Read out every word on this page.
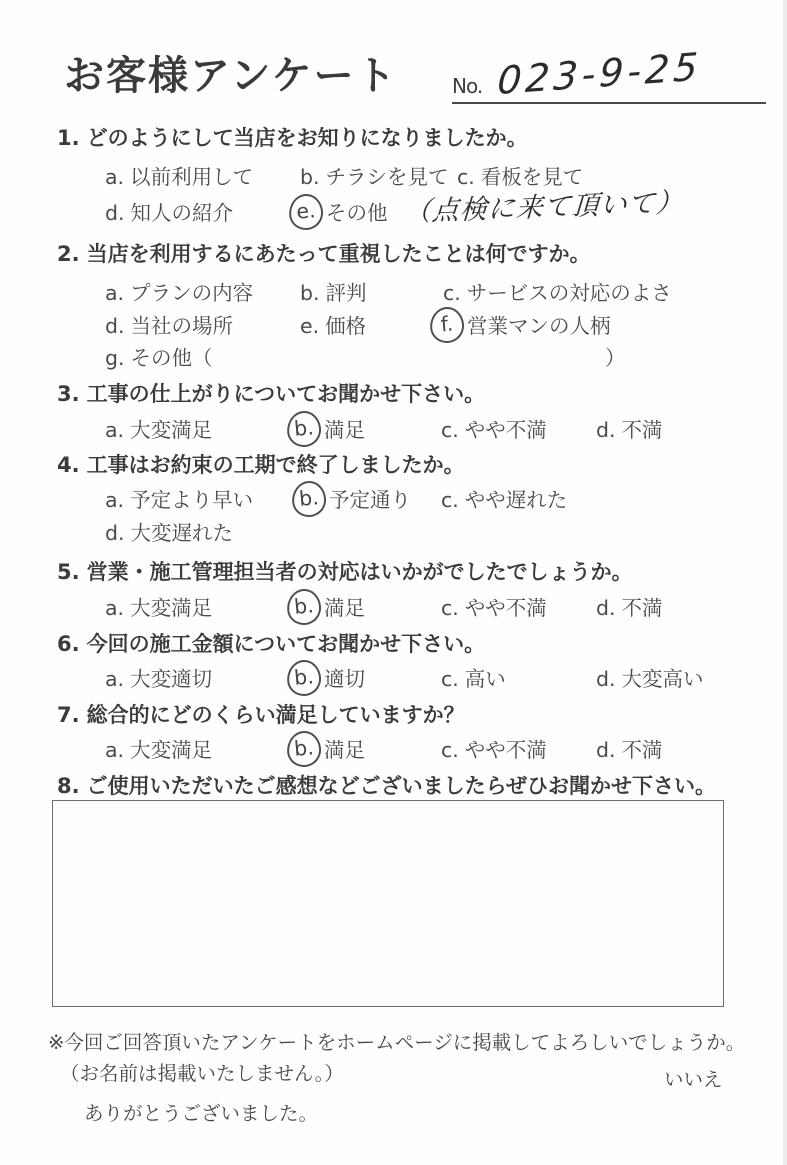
お客様アンケート	No. 023-9-25
1. どのようにして当店をお知りになりましたか。
a. 以前利用して b. チラシを見て c. 看板を見て
d. 知人の紹介	e. その他 （点検に来て頂いて）
2. 当店を利用するにあたって重視したことは何ですか。
a. プランの内容 b. 評判	c. サービスの対応のよさ
d. 当社の場所	e. 価格	f. 営業マンの人柄
g. その他（	）
3. 工事の仕上がりについてお聞かせ下さい。
a. 大変満足	b. 満足	c. やや不満 d. 不満
4. 工事はお約束の工期で終了しましたか。
a. 予定より早い b. 予定通り c. やや遅れた
d. 大変遅れた
5. 営業・施工管理担当者の対応はいかがでしたでしょうか。
a. 大変満足	b. 満足	c. やや不満 d. 不満
6. 今回の施工金額についてお聞かせ下さい。
a. 大変適切	b. 適切	c. 高い	d. 大変高い
7. 総合的にどのくらい満足していますか？
a. 大変満足	b. 満足	c. やや不満 d. 不満
8. ご使用いただいたご感想などございましたらぜひお聞かせ下さい。
※今回ご回答頂いたアンケートをホームページに掲載してよろしいでしょうか。
（お名前は掲載いたしません。）	いいえ
ありがとうございました。
